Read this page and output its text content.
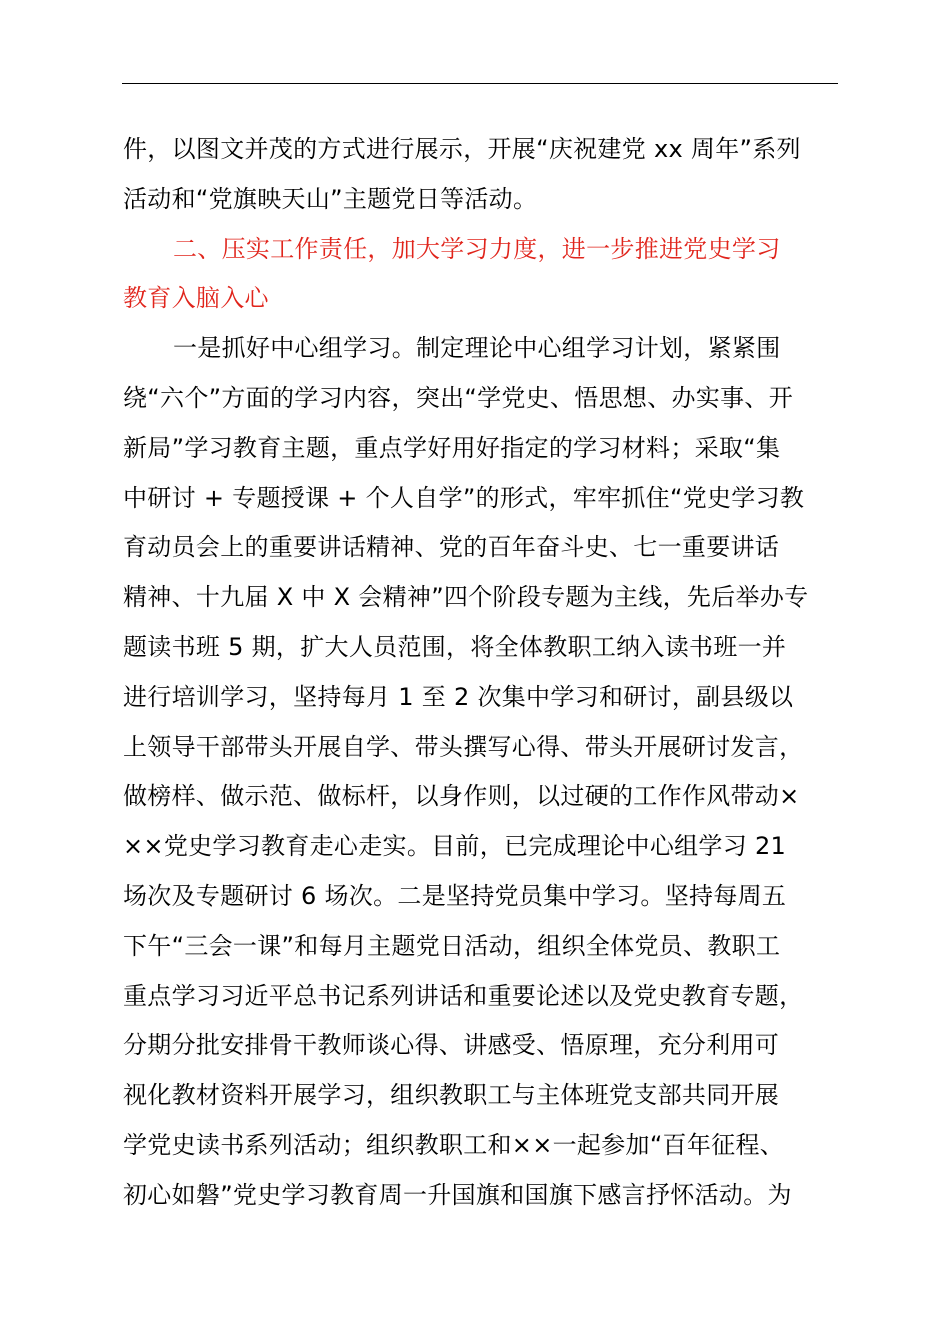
件，以图文并茂的方式进行展示，开展“庆祝建党 xx 周年”系列
活动和“党旗映天山”主题党日等活动。
二、压实工作责任，加大学习力度，进一步推进党史学习
教育入脑入心
一是抓好中心组学习。制定理论中心组学习计划，紧紧围
绕“六个”方面的学习内容，突出“学党史、悟思想、办实事、开
新局”学习教育主题，重点学好用好指定的学习材料；采取“集
中研讨 + 专题授课 + 个人自学”的形式，牢牢抓住“党史学习教
育动员会上的重要讲话精神、党的百年奋斗史、七一重要讲话
精神、十九届 X 中 X 会精神”四个阶段专题为主线，先后举办专
题读书班 5 期，扩大人员范围，将全体教职工纳入读书班一并
进行培训学习，坚持每月 1 至 2 次集中学习和研讨，副县级以
上领导干部带头开展自学、带头撰写心得、带头开展研讨发言，
做榜样、做示范、做标杆，以身作则，以过硬的工作作风带动×
××党史学习教育走心走实。目前，已完成理论中心组学习 21
场次及专题研讨 6 场次。二是坚持党员集中学习。坚持每周五
下午“三会一课”和每月主题党日活动，组织全体党员、教职工
重点学习习近平总书记系列讲话和重要论述以及党史教育专题，
分期分批安排骨干教师谈心得、讲感受、悟原理，充分利用可
视化教材资料开展学习，组织教职工与主体班党支部共同开展
学党史读书系列活动；组织教职工和××一起参加“百年征程、
初心如磐”党史学习教育周一升国旗和国旗下感言抒怀活动。为
